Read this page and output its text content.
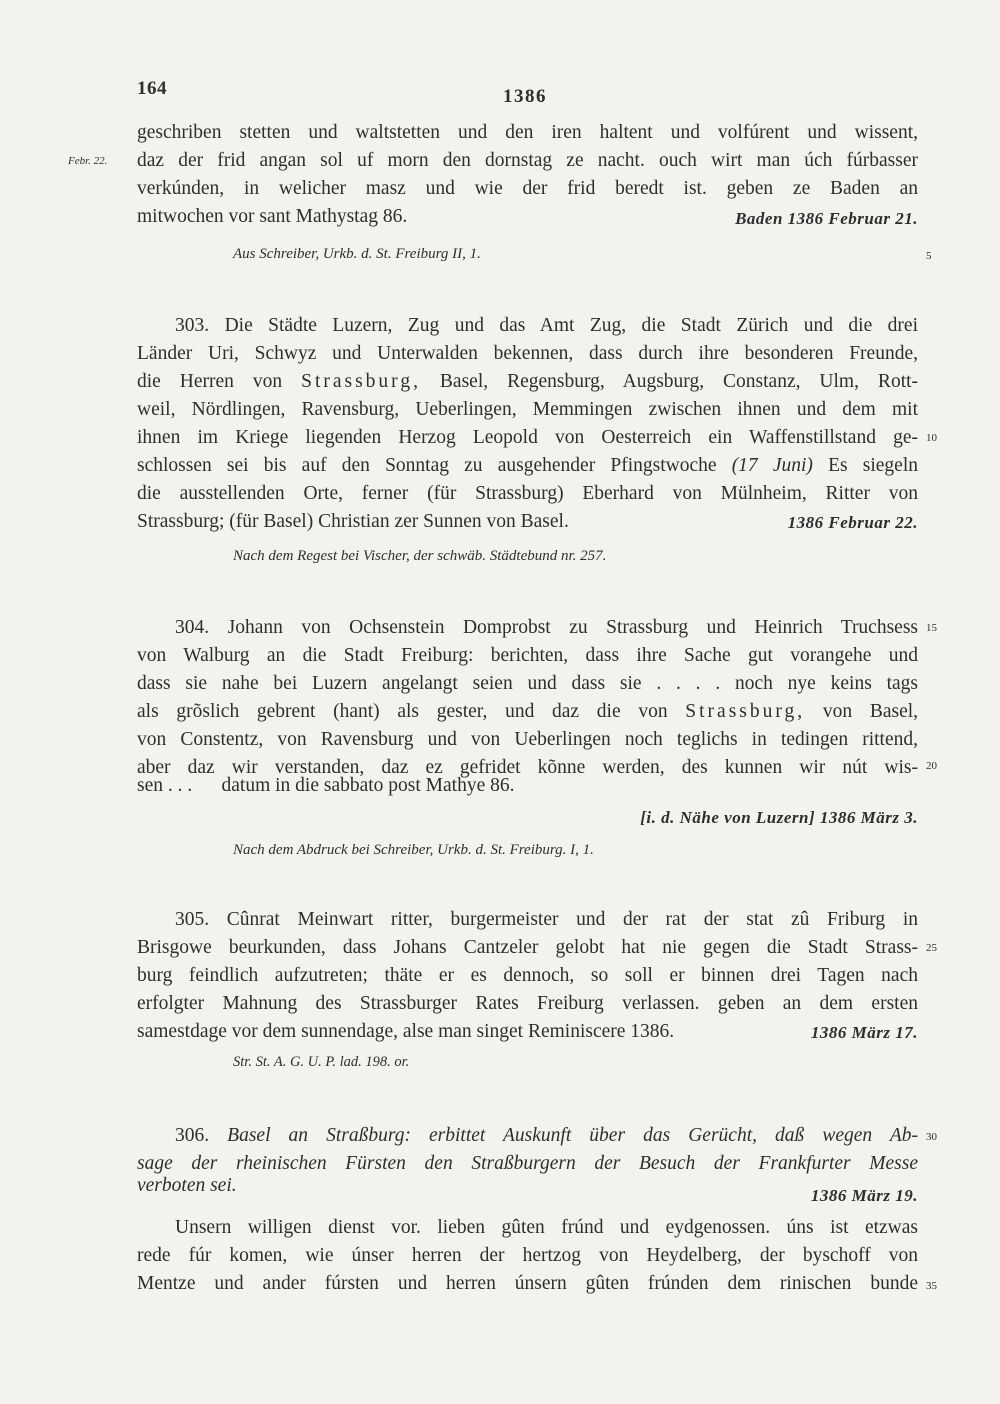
164	1386
Febr. 22.
5
10
15
20
25
30
35
geschriben stetten und waltstetten und den iren haltent und volfúrent und wissent,
daz der frid angan sol uf morn den dornstag ze nacht. ouch wirt man úch fúrbasser
verkúnden, in welicher masz und wie der frid beredt ist. geben ze Baden an
mitwochen vor sant Mathystag 86.	Baden 1386 Februar 21.
Aus Schreiber, Urkb. d. St. Freiburg II, 1.
303. Die Städte Luzern, Zug und das Amt Zug, die Stadt Zürich und die drei
Länder Uri, Schwyz und Unterwalden bekennen, dass durch ihre besonderen Freunde,
die Herren von Strassburg, Basel, Regensburg, Augsburg, Constanz, Ulm, Rott-
weil, Nördlingen, Ravensburg, Ueberlingen, Memmingen zwischen ihnen und dem mit
ihnen im Kriege liegenden Herzog Leopold von Oesterreich ein Waffenstillstand ge-
schlossen sei bis auf den Sonntag zu ausgehender Pfingstwoche (17 Juni) Es siegeln
die ausstellenden Orte, ferner (für Strassburg) Eberhard von Mülnheim, Ritter von
Strassburg; (für Basel) Christian zer Sunnen von Basel.	1386 Februar 22.
Nach dem Regest bei Vischer, der schwäb. Städtebund nr. 257.
304. Johann von Ochsenstein Domprobst zu Strassburg und Heinrich Truchsess
von Walburg an die Stadt Freiburg: berichten, dass ihre Sache gut vorangehe und
dass sie nahe bei Luzern angelangt seien und dass sie . . . . noch nye keins tags
als grõslich gebrent (hant) als gester, und daz die von Strassburg, von Basel,
von Constentz, von Ravensburg und von Ueberlingen noch teglichs in tedingen rittend,
aber daz wir verstanden, daz ez gefridet kõnne werden, des kunnen wir nút wis-
sen . . .      datum in die sabbato post Mathye 86.
[i. d. Nähe von Luzern] 1386 März 3.
Nach dem Abdruck bei Schreiber, Urkb. d. St. Freiburg. I, 1.
305. Cûnrat Meinwart ritter, burgermeister und der rat der stat zû Friburg in
Brisgowe beurkunden, dass Johans Cantzeler gelobt hat nie gegen die Stadt Strass-
burg feindlich aufzutreten; thäte er es dennoch, so soll er binnen drei Tagen nach
erfolgter Mahnung des Strassburger Rates Freiburg verlassen. geben an dem ersten
samestdage vor dem sunnendage, alse man singet Reminiscere 1386.	1386 März 17.
Str. St. A. G. U. P. lad. 198. or.
306. Basel an Straßburg: erbittet Auskunft über das Gerücht, daß wegen Ab-
sage der rheinischen Fürsten den Straßburgern der Besuch der Frankfurter Messe
verboten sei.	1386 März 19.
Unsern willigen dienst vor. lieben gûten frúnd und eydgenossen. úns ist etzwas
rede fúr komen, wie únser herren der hertzog von Heydelberg, der byschoff von
Mentze und ander fúrsten und herren únsern gûten frúnden dem rinischen bunde
